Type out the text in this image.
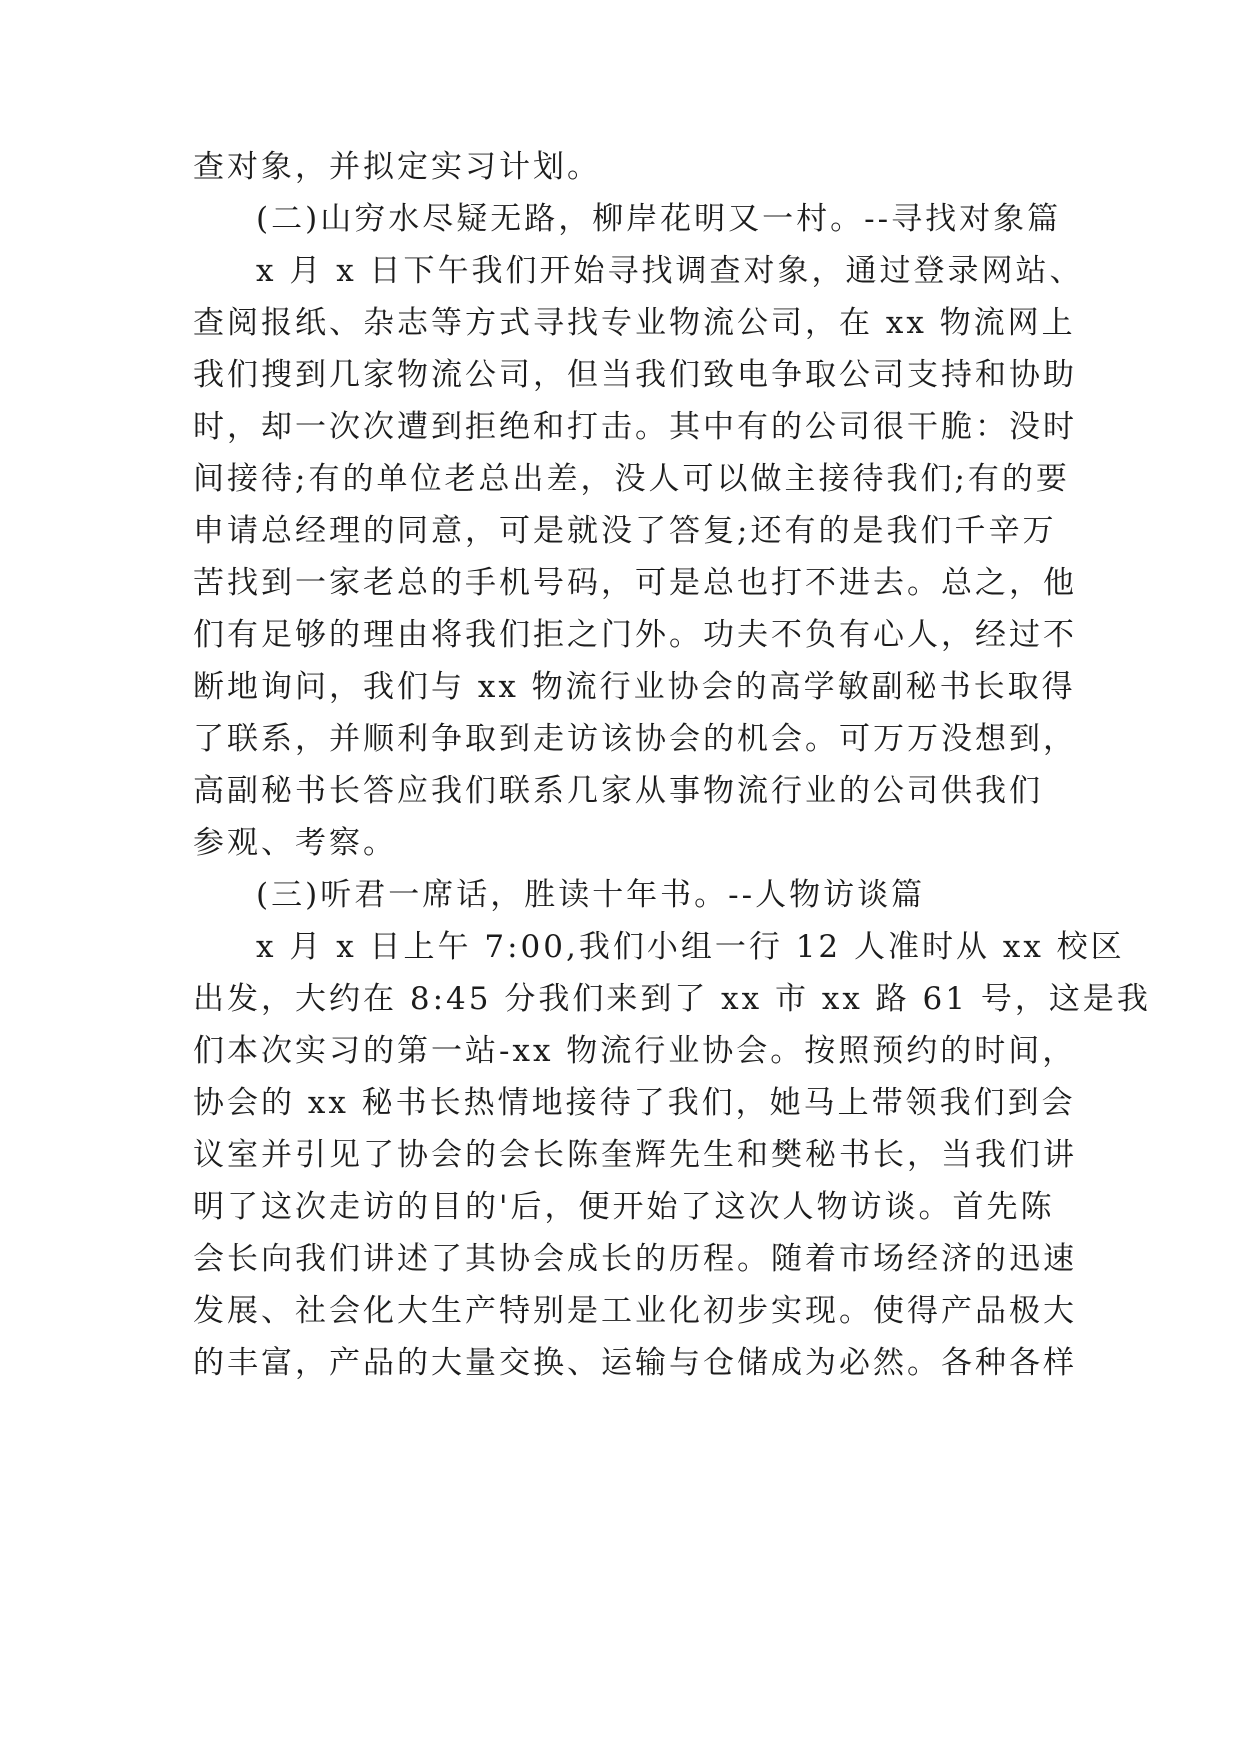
查对象，并拟定实习计划。
(二)山穷水尽疑无路，柳岸花明又一村。--寻找对象篇
x 月 x 日下午我们开始寻找调查对象，通过登录网站、
查阅报纸、杂志等方式寻找专业物流公司，在 xx 物流网上
我们搜到几家物流公司，但当我们致电争取公司支持和协助
时，却一次次遭到拒绝和打击。其中有的公司很干脆：没时
间接待;有的单位老总出差，没人可以做主接待我们;有的要
申请总经理的同意，可是就没了答复;还有的是我们千辛万
苦找到一家老总的手机号码，可是总也打不进去。总之，他
们有足够的理由将我们拒之门外。功夫不负有心人，经过不
断地询问，我们与 xx 物流行业协会的高学敏副秘书长取得
了联系，并顺利争取到走访该协会的机会。可万万没想到，
高副秘书长答应我们联系几家从事物流行业的公司供我们
参观、考察。
(三)听君一席话，胜读十年书。--人物访谈篇
x 月 x 日上午 7:00,我们小组一行 12 人准时从 xx 校区
出发，大约在 8:45 分我们来到了 xx 市 xx 路 61 号，这是我
们本次实习的第一站-xx 物流行业协会。按照预约的时间，
协会的 xx 秘书长热情地接待了我们，她马上带领我们到会
议室并引见了协会的会长陈奎辉先生和樊秘书长，当我们讲
明了这次走访的目的'后，便开始了这次人物访谈。首先陈
会长向我们讲述了其协会成长的历程。随着市场经济的迅速
发展、社会化大生产特别是工业化初步实现。使得产品极大
的丰富，产品的大量交换、运输与仓储成为必然。各种各样
